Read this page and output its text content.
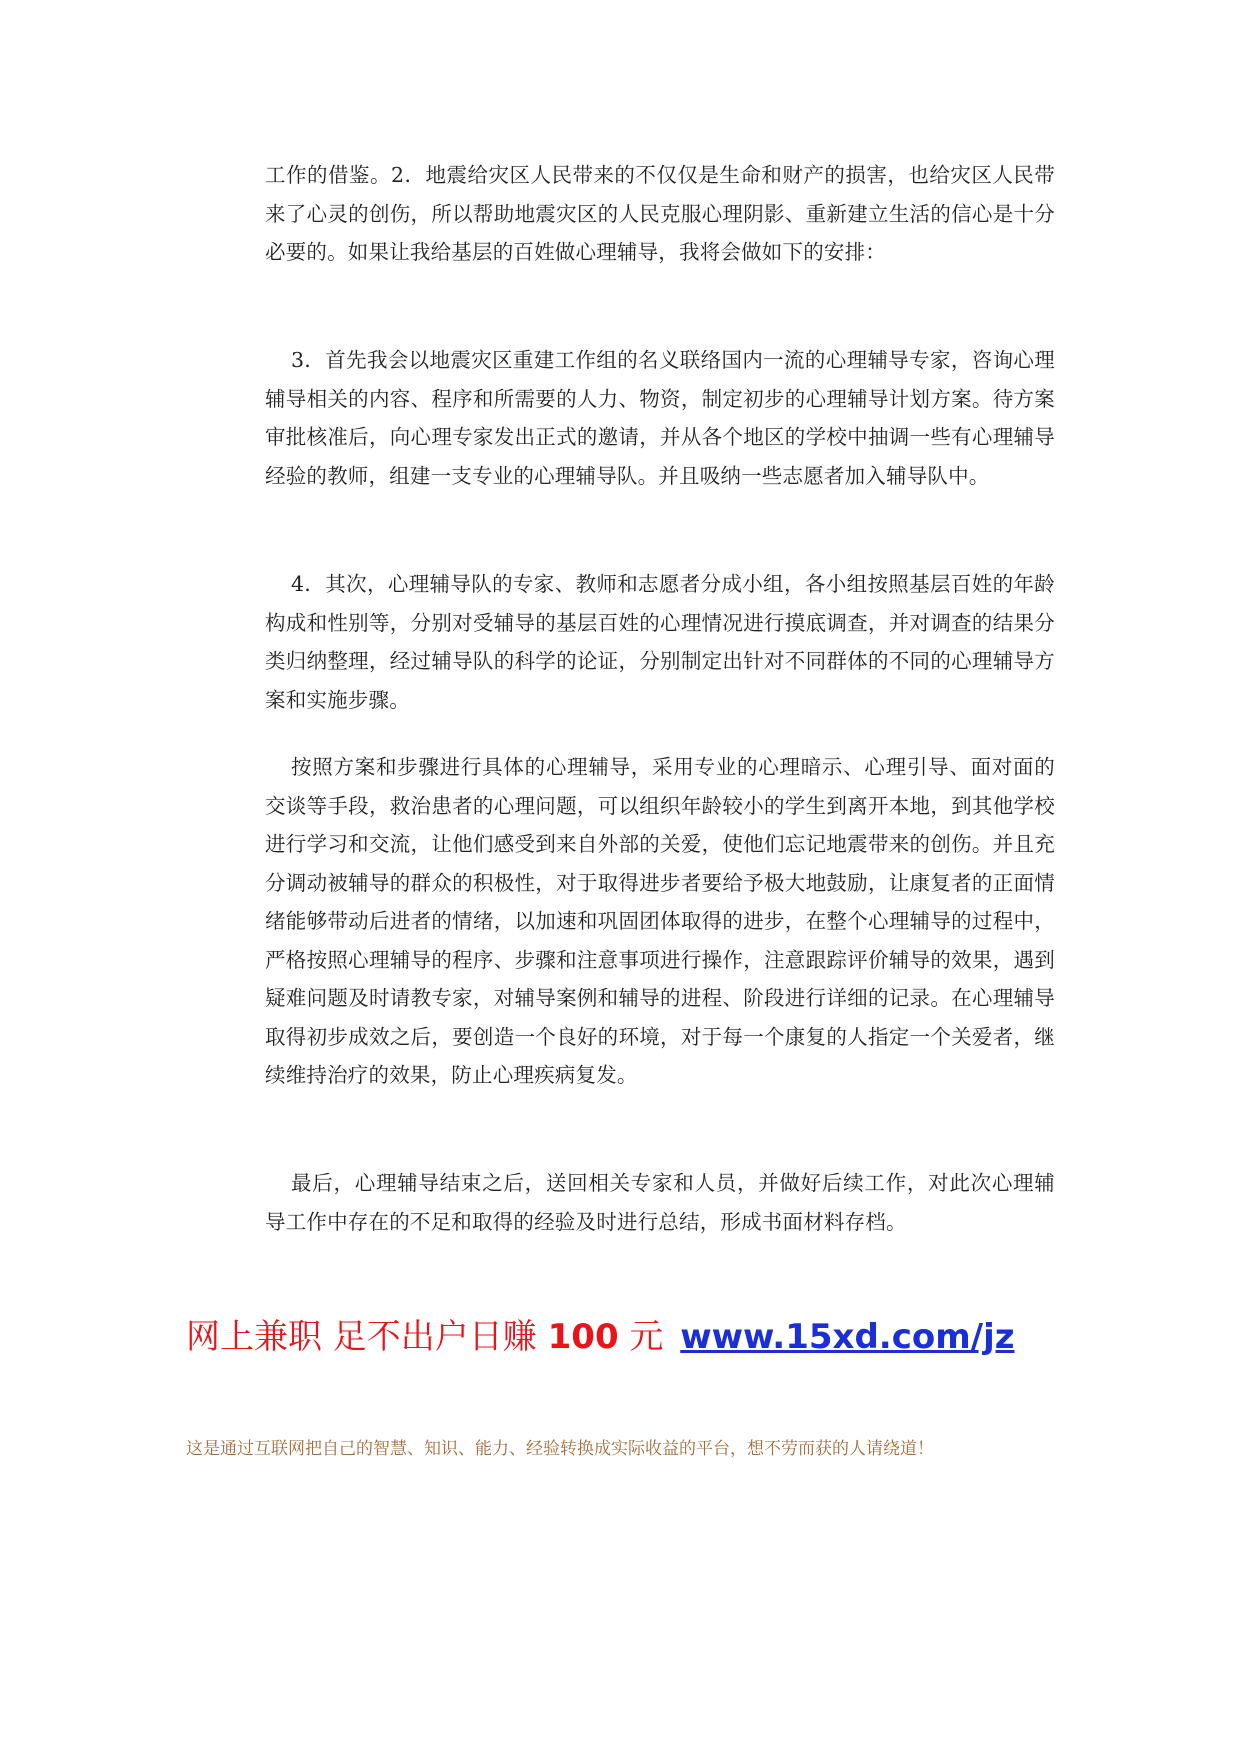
工作的借鉴。2．地震给灾区人民带来的不仅仅是生命和财产的损害，也给灾区人民带来了心灵的创伤，所以帮助地震灾区的人民克服心理阴影、重新建立生活的信心是十分必要的。如果让我给基层的百姓做心理辅导，我将会做如下的安排：

3．首先我会以地震灾区重建工作组的名义联络国内一流的心理辅导专家，咨询心理辅导相关的内容、程序和所需要的人力、物资，制定初步的心理辅导计划方案。待方案审批核准后，向心理专家发出正式的邀请，并从各个地区的学校中抽调一些有心理辅导经验的教师，组建一支专业的心理辅导队。并且吸纳一些志愿者加入辅导队中。

4．其次，心理辅导队的专家、教师和志愿者分成小组，各小组按照基层百姓的年龄构成和性别等，分别对受辅导的基层百姓的心理情况进行摸底调查，并对调查的结果分类归纳整理，经过辅导队的科学的论证，分别制定出针对不同群体的不同的心理辅导方案和实施步骤。

按照方案和步骤进行具体的心理辅导，采用专业的心理暗示、心理引导、面对面的交谈等手段，救治患者的心理问题，可以组织年龄较小的学生到离开本地，到其他学校进行学习和交流，让他们感受到来自外部的关爱，使他们忘记地震带来的创伤。并且充分调动被辅导的群众的积极性，对于取得进步者要给予极大地鼓励，让康复者的正面情绪能够带动后进者的情绪，以加速和巩固团体取得的进步，在整个心理辅导的过程中，严格按照心理辅导的程序、步骤和注意事项进行操作，注意跟踪评价辅导的效果，遇到疑难问题及时请教专家，对辅导案例和辅导的进程、阶段进行详细的记录。在心理辅导取得初步成效之后，要创造一个良好的环境，对于每一个康复的人指定一个关爱者，继续维持治疗的效果，防止心理疾病复发。

最后，心理辅导结束之后，送回相关专家和人员，并做好后续工作，对此次心理辅导工作中存在的不足和取得的经验及时进行总结，形成书面材料存档。

网上兼职 足不出户日赚 100 元 www.15xd.com/jz
这是通过互联网把自己的智慧、知识、能力、经验转换成实际收益的平台，想不劳而获的人请绕道！
